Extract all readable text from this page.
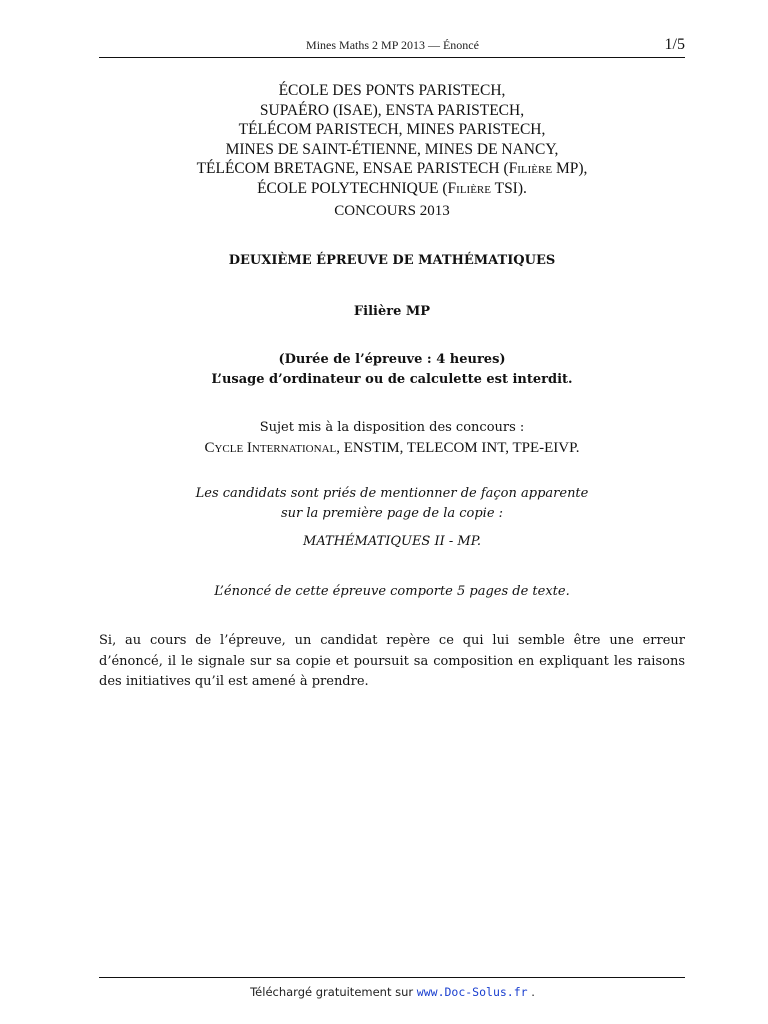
Mines Maths 2 MP 2013 — Énoncé	1/5
ÉCOLE DES PONTS PARISTECH,
SUPAÉRO (ISAE), ENSTA PARISTECH,
TÉLÉCOM PARISTECH, MINES PARISTECH,
MINES DE SAINT-ÉTIENNE, MINES DE NANCY,
TÉLÉCOM BRETAGNE, ENSAE PARISTECH (Filière MP),
ÉCOLE POLYTECHNIQUE (Filière TSI).
CONCOURS 2013
DEUXIÈME ÉPREUVE DE MATHÉMATIQUES
Filière MP
(Durée de l’épreuve : 4 heures)
L’usage d’ordinateur ou de calculette est interdit.
Sujet mis à la disposition des concours :
Cycle International, ENSTIM, TELECOM INT, TPE-EIVP.
Les candidats sont priés de mentionner de façon apparente
sur la première page de la copie :
MATHÉMATIQUES II - MP.
L’énoncé de cette épreuve comporte 5 pages de texte.
Si, au cours de l’épreuve, un candidat repère ce qui lui semble être une erreur d’énoncé, il le signale sur sa copie et poursuit sa composition en expliquant les raisons des initiatives qu’il est amené à prendre.
Téléchargé gratuitement sur www.Doc-Solus.fr .
